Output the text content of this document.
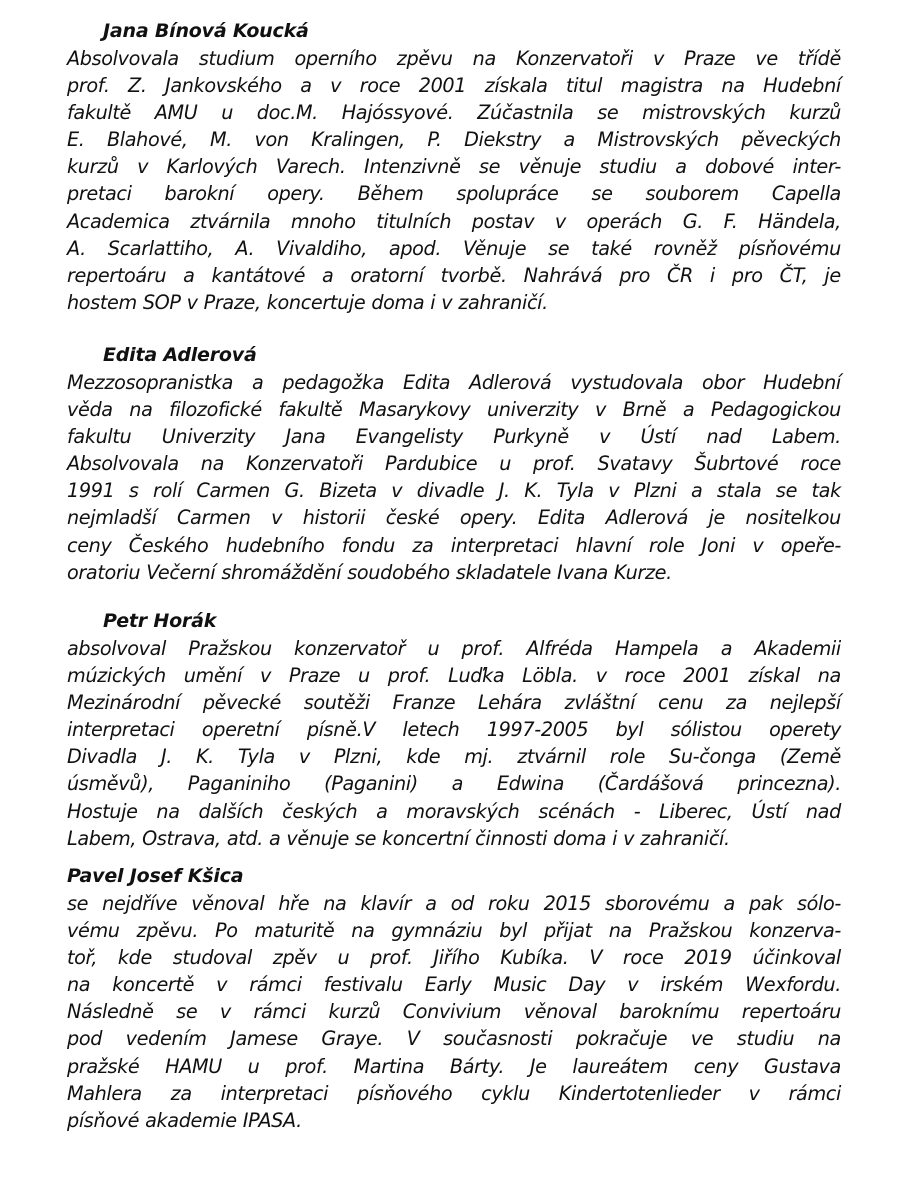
Jana Bínová Koucká
Absolvovala studium operního zpěvu na Konzervatoři v Praze ve třídě
prof. Z. Jankovského a v roce 2001 získala titul magistra na Hudební
fakultě AMU u doc.M. Hajóssyové. Zúčastnila se mistrovských kurzů
E. Blahové, M. von Kralingen, P. Diekstry a Mistrovských pěveckých
kurzů v Karlových Varech. Intenzivně se věnuje studiu a dobové inter-
pretaci barokní opery. Během spolupráce se souborem Capella
Academica ztvárnila mnoho titulních postav v operách G. F. Händela,
A. Scarlattiho, A. Vivaldiho, apod. Věnuje se také rovněž písňovému
repertoáru a kantátové a oratorní tvorbě. Nahrává pro ČR i pro ČT, je
hostem SOP v Praze, koncertuje doma i v zahraničí.
Edita Adlerová
Mezzosopranistka a pedagožka Edita Adlerová vystudovala obor Hudební
věda na filozofické fakultě Masarykovy univerzity v Brně a Pedagogickou
fakultu Univerzity Jana Evangelisty Purkyně v Ústí nad Labem.
Absolvovala na Konzervatoři Pardubice u prof. Svatavy Šubrtové roce
1991 s rolí Carmen G. Bizeta v divadle J. K. Tyla v Plzni a stala se tak
nejmladší Carmen v historii české opery. Edita Adlerová je nositelkou
ceny Českého hudebního fondu za interpretaci hlavní role Joni v opeře-
oratoriu Večerní shromáždění soudobého skladatele Ivana Kurze.
Petr Horák
absolvoval Pražskou konzervatoř u prof. Alfréda Hampela a Akademii
múzických umění v Praze u prof. Luďka Löbla. v roce 2001 získal na
Mezinárodní pěvecké soutěži Franze Lehára zvláštní cenu za nejlepší
interpretaci operetní písně.V letech 1997-2005 byl sólistou operety
Divadla J. K. Tyla v Plzni, kde mj. ztvárnil role Su-čonga (Země
úsměvů), Paganiniho (Paganini) a Edwina (Čardášová princezna).
Hostuje na dalších českých a moravských scénách - Liberec, Ústí nad
Labem, Ostrava, atd. a věnuje se koncertní činnosti doma i v zahraničí.
Pavel Josef Kšica
se nejdříve věnoval hře na klavír a od roku 2015 sborovému a pak sólo-
vému zpěvu. Po maturitě na gymnáziu byl přijat na Pražskou konzerva-
toř, kde studoval zpěv u prof. Jiřího Kubíka. V roce 2019 účinkoval
na koncertě v rámci festivalu Early Music Day v irském Wexfordu.
Následně se v rámci kurzů Convivium věnoval baroknímu repertoáru
pod vedením Jamese Graye. V současnosti pokračuje ve studiu na
pražské HAMU u prof. Martina Bárty. Je laureátem ceny Gustava
Mahlera za interpretaci písňového cyklu Kindertotenlieder v rámci
písňové akademie IPASA.
